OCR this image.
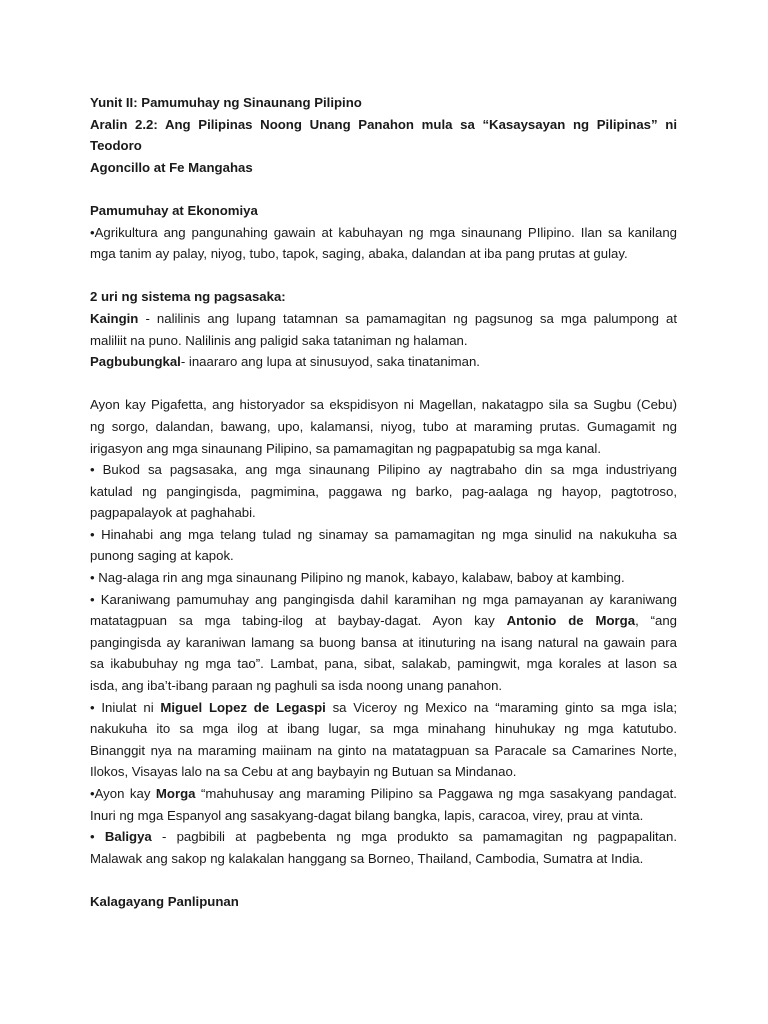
Yunit II: Pamumuhay ng Sinaunang Pilipino
Aralin 2.2: Ang Pilipinas Noong Unang Panahon mula sa “Kasaysayan ng Pilipinas” ni Teodoro
Agoncillo at Fe Mangahas
Pamumuhay at Ekonomiya
•Agrikultura ang pangunahing gawain at kabuhayan ng mga sinaunang PIlipino. Ilan sa kanilang
mga tanim ay palay, niyog, tubo, tapok, saging, abaka, dalandan at iba pang prutas at gulay.
2 uri ng sistema ng pagsasaka:
Kaingin - nalilinis ang lupang tatamnan sa pamamagitan ng pagsunog sa mga palumpong at
maliliit na puno. Nalilinis ang paligid saka tataniman ng halaman.
Pagbubungkal- inaararo ang lupa at sinusuyod, saka tinataniman.
Ayon kay Pigafetta, ang historyador sa ekspidisyon ni Magellan, nakatagpo sila sa Sugbu (Cebu)
ng sorgo, dalandan, bawang, upo, kalamansi, niyog, tubo at maraming prutas. Gumagamit ng
irigasyon ang mga sinaunang Pilipino, sa pamamagitan ng pagpapatubig sa mga kanal.
• Bukod sa pagsasaka, ang mga sinaunang Pilipino ay nagtrabaho din sa mga industriyang
katulad ng pangingisda, pagmimina, paggawa ng barko, pag-aalaga ng hayop, pagtotroso,
pagpapalayok at paghahabi.
• Hinahabi ang mga telang tulad ng sinamay sa pamamagitan ng mga sinulid na nakukuha sa
punong saging at kapok.
• Nag-alaga rin ang mga sinaunang Pilipino ng manok, kabayo, kalabaw, baboy at kambing.
• Karaniwang pamumuhay ang pangingisda dahil karamihan ng mga pamayanan ay karaniwang
matatagpuan sa mga tabing-ilog at baybay-dagat. Ayon kay Antonio de Morga, “ang
pangingisda ay karaniwan lamang sa buong bansa at itinuturing na isang natural na gawain para
sa ikabubuhay ng mga tao”. Lambat, pana, sibat, salakab, pamingwit, mga korales at lason sa
isda, ang iba’t-ibang paraan ng paghuli sa isda noong unang panahon.
• Iniulat ni Miguel Lopez de Legaspi sa Viceroy ng Mexico na “maraming ginto sa mga isla;
nakukuha ito sa mga ilog at ibang lugar, sa mga minahang hinuhukay ng mga katutubo.
Binanggit nya na maraming maiinam na ginto na matatagpuan sa Paracale sa Camarines Norte,
Ilokos, Visayas lalo na sa Cebu at ang baybayin ng Butuan sa Mindanao.
•Ayon kay Morga “mahuhusay ang maraming Pilipino sa Paggawa ng mga sasakyang pandagat.
Inuri ng mga Espanyol ang sasakyang-dagat bilang bangka, lapis, caracoa, virey, prau at vinta.
• Baligya - pagbibili at pagbebenta ng mga produkto sa pamamagitan ng pagpapalitan.
Malawak ang sakop ng kalakalan hanggang sa Borneo, Thailand, Cambodia, Sumatra at India.
Kalagayang Panlipunan
